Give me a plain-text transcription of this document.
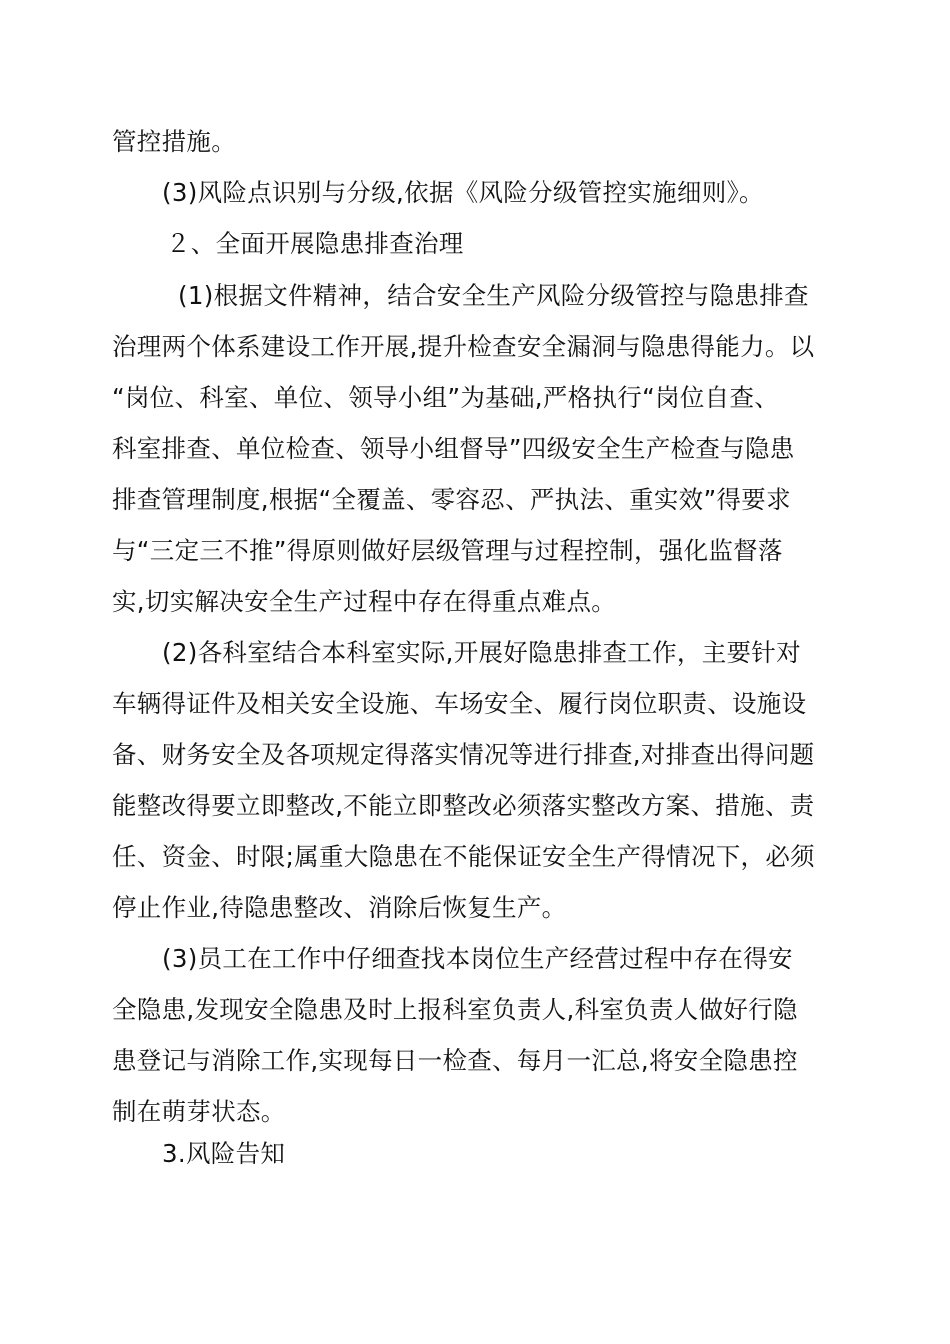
管控措施。
(3)风险点识别与分级,依据《风险分级管控实施细则》。
２、全面开展隐患排查治理
(1)根据文件精神，结合安全生产风险分级管控与隐患排查
治理两个体系建设工作开展,提升检查安全漏洞与隐患得能力。以
“岗位、科室、单位、领导小组”为基础,严格执行“岗位自查、
科室排查、单位检查、领导小组督导”四级安全生产检查与隐患
排查管理制度,根据“全覆盖、零容忍、严执法、重实效”得要求
与“三定三不推”得原则做好层级管理与过程控制，强化监督落
实,切实解决安全生产过程中存在得重点难点。
(2)各科室结合本科室实际,开展好隐患排查工作，主要针对
车辆得证件及相关安全设施、车场安全、履行岗位职责、设施设
备、财务安全及各项规定得落实情况等进行排查,对排查出得问题
能整改得要立即整改,不能立即整改必须落实整改方案、措施、责
任、资金、时限;属重大隐患在不能保证安全生产得情况下，必须
停止作业,待隐患整改、消除后恢复生产。
(3)员工在工作中仔细查找本岗位生产经营过程中存在得安
全隐患,发现安全隐患及时上报科室负责人,科室负责人做好行隐
患登记与消除工作,实现每日一检查、每月一汇总,将安全隐患控
制在萌芽状态。
3.风险告知
